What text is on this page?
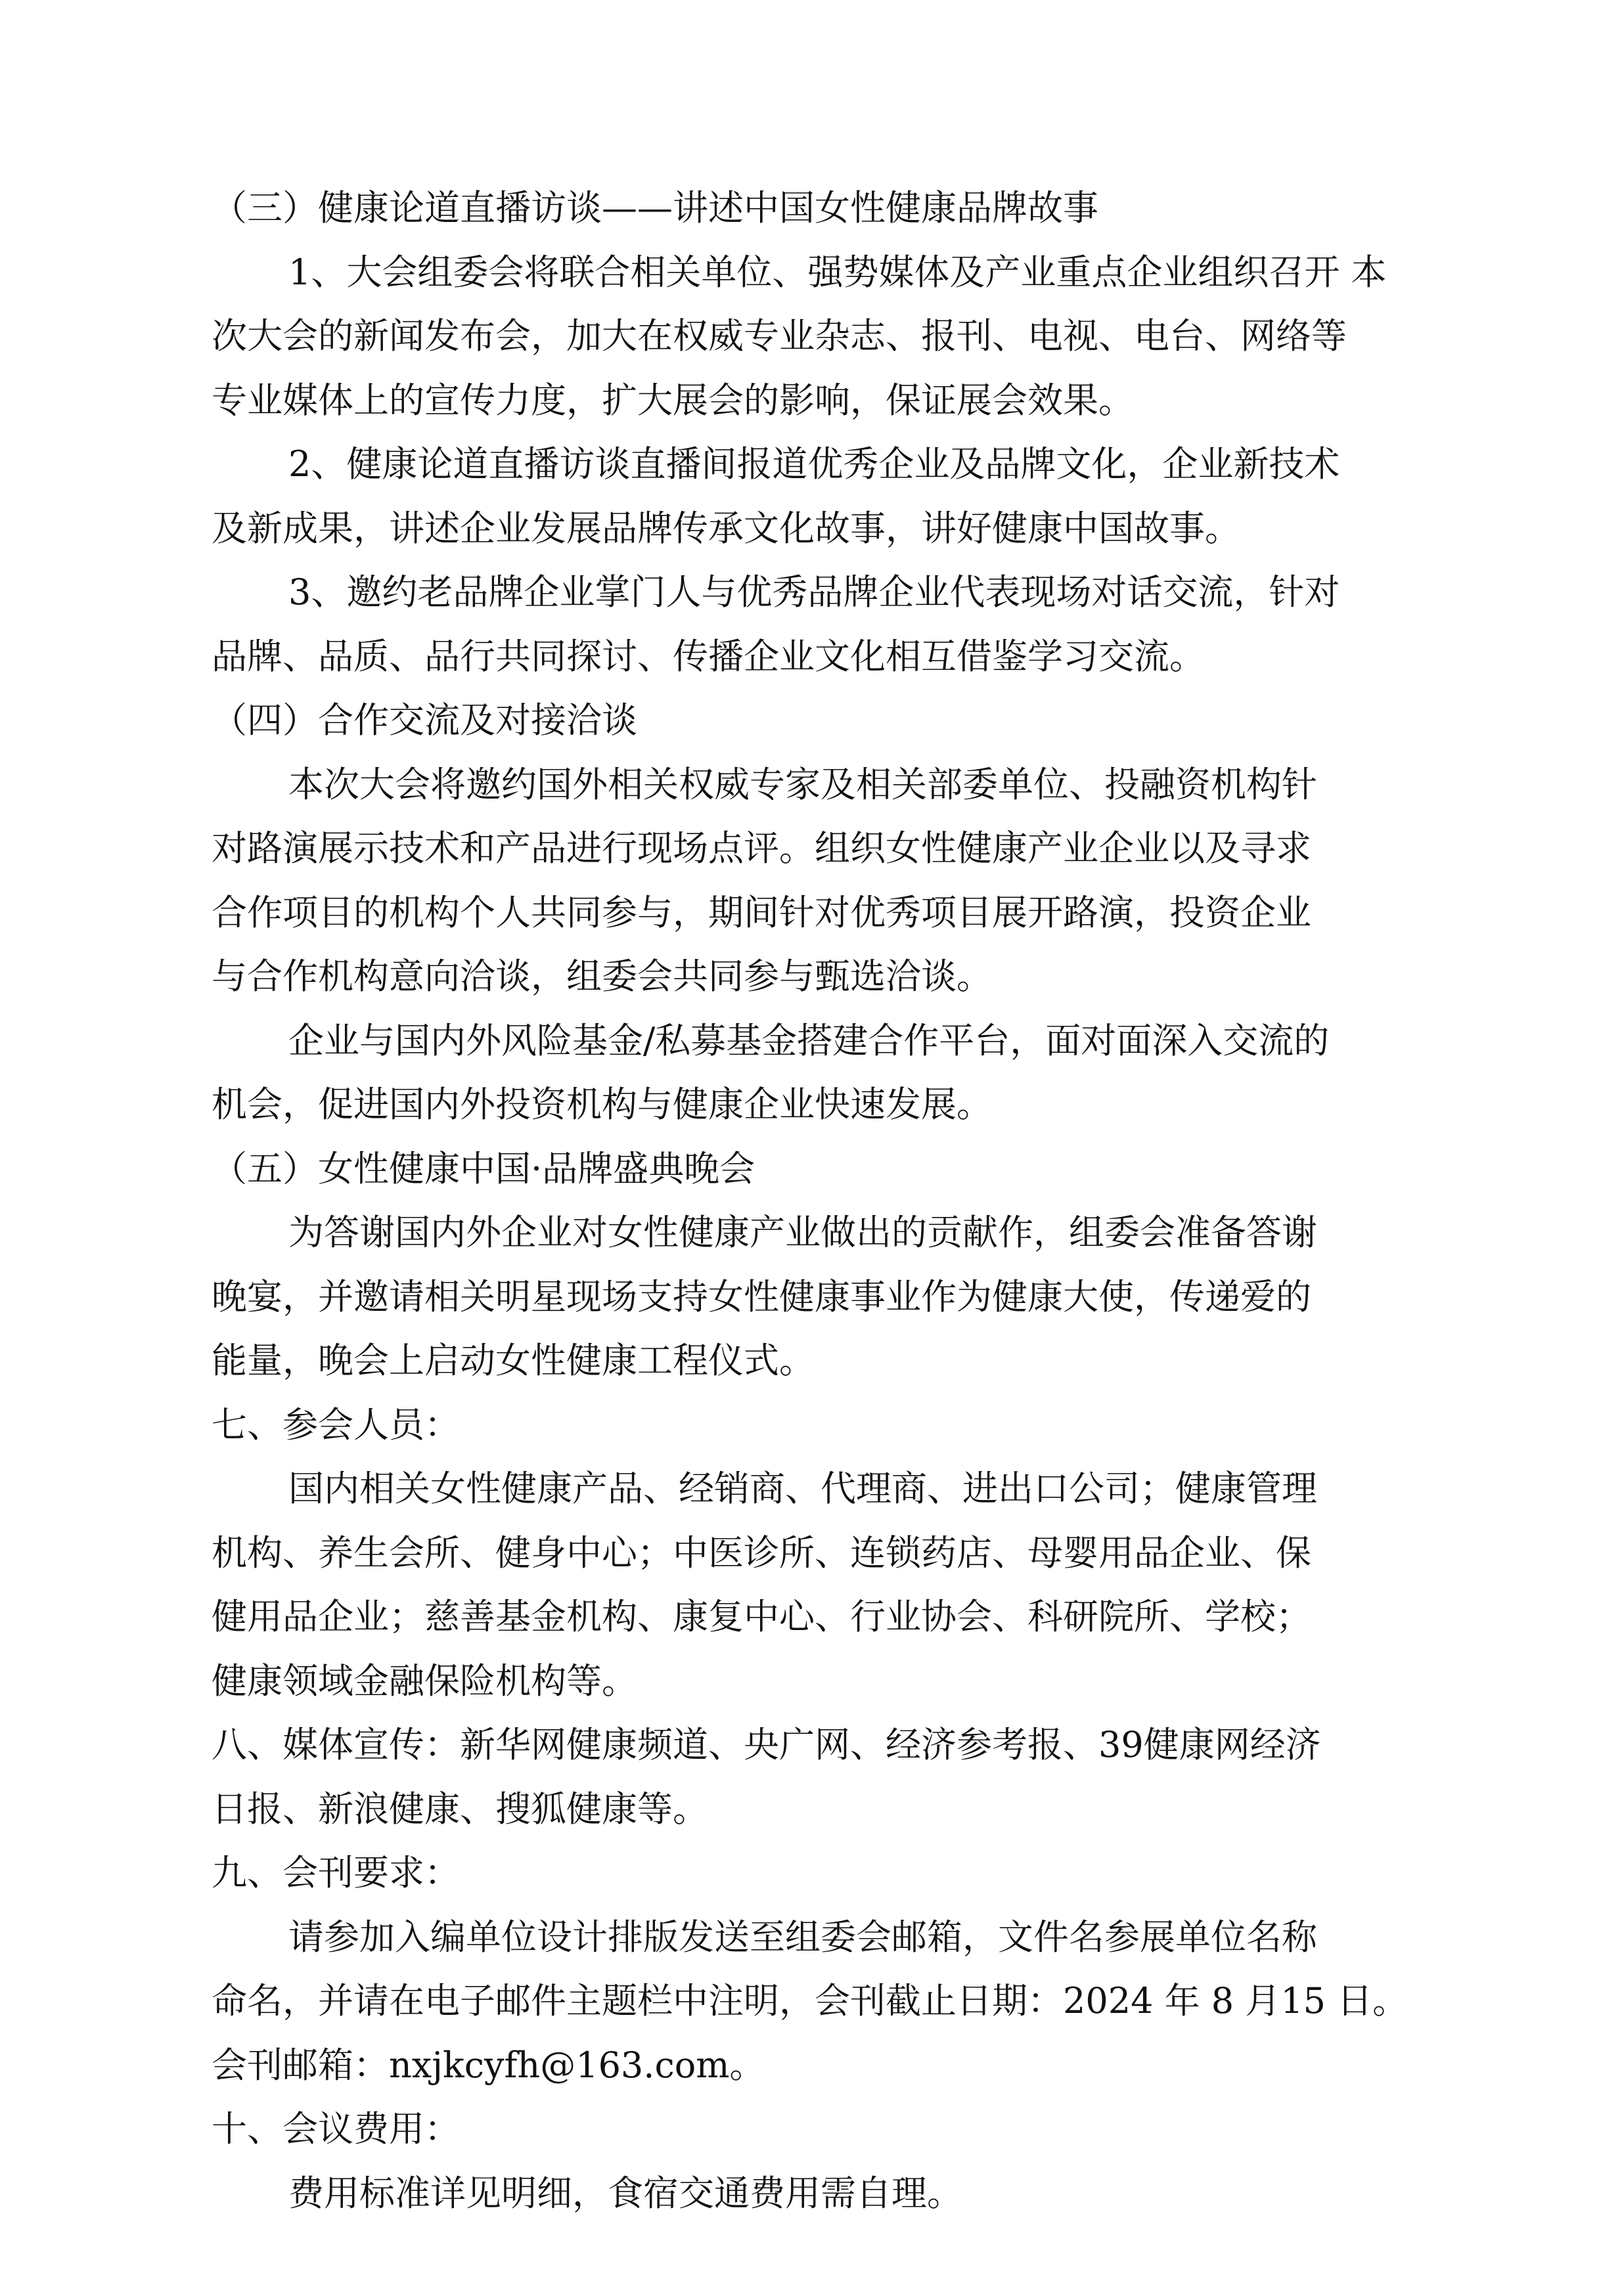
（三）健康论道直播访谈——讲述中国女性健康品牌故事

1、大会组委会将联合相关单位、强势媒体及产业重点企业组织召开 本

次大会的新闻发布会，加大在权威专业杂志、报刊、电视、电台、网络等

专业媒体上的宣传力度，扩大展会的影响，保证展会效果。

2、健康论道直播访谈直播间报道优秀企业及品牌文化，企业新技术

及新成果，讲述企业发展品牌传承文化故事，讲好健康中国故事。

3、邀约老品牌企业掌门人与优秀品牌企业代表现场对话交流，针对

品牌、品质、品行共同探讨、传播企业文化相互借鉴学习交流。

（四）合作交流及对接洽谈

本次大会将邀约国外相关权威专家及相关部委单位、投融资机构针

对路演展示技术和产品进行现场点评。组织女性健康产业企业以及寻求

合作项目的机构个人共同参与，期间针对优秀项目展开路演，投资企业

与合作机构意向洽谈，组委会共同参与甄选洽谈。

企业与国内外风险基金/私募基金搭建合作平台，面对面深入交流的

机会，促进国内外投资机构与健康企业快速发展。

（五）女性健康中国·品牌盛典晚会

为答谢国内外企业对女性健康产业做出的贡献作，组委会准备答谢

晚宴，并邀请相关明星现场支持女性健康事业作为健康大使，传递爱的

能量，晚会上启动女性健康工程仪式。

七、参会人员：

国内相关女性健康产品、经销商、代理商、进出口公司；健康管理

机构、养生会所、健身中心；中医诊所、连锁药店、母婴用品企业、保

健用品企业；慈善基金机构、康复中心、行业协会、科研院所、学校；

健康领域金融保险机构等。

八、媒体宣传：新华网健康频道、央广网、经济参考报、39健康网经济

日报、新浪健康、搜狐健康等。

九、会刊要求：

请参加入编单位设计排版发送至组委会邮箱，文件名参展单位名称

命名，并请在电子邮件主题栏中注明，会刊截止日期：2024 年 8 月15 日。

会刊邮箱：nxjkcyfh@163.com。

十、会议费用：

费用标准详见明细，食宿交通费用需自理。
